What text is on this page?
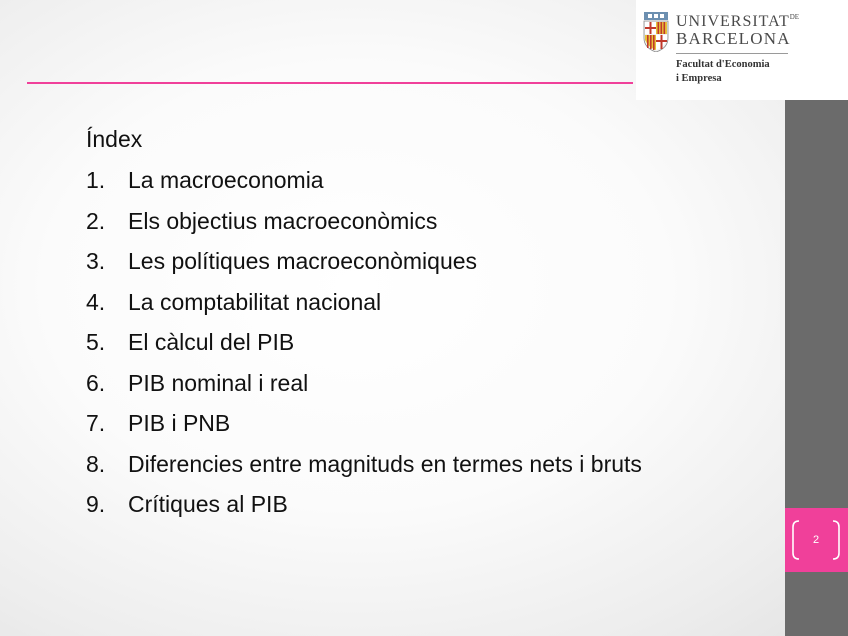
$UNIVERSITAT^{DE}$
BARCELONA
Facultat d'Economia
i Empresa
2
Índex
1. La macroeconomia
2. Els objectius macroeconòmics
3. Les polítiques macroeconòmiques
4. La comptabilitat nacional
5. El càlcul del PIB
6. PIB nominal i real
7. PIB i PNB
8. Diferencies entre magnituds en termes nets i bruts
9. Crítiques al PIB
